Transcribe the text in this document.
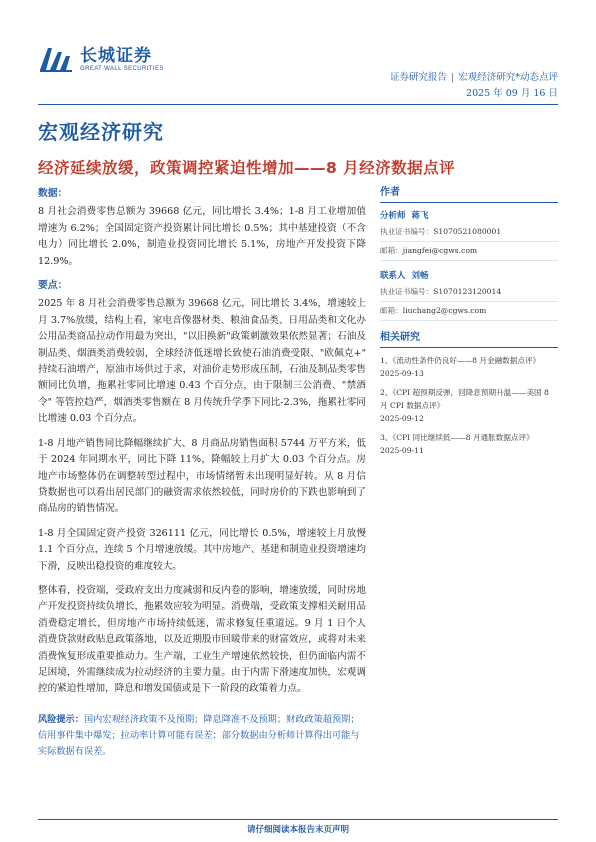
长城证券
GREAT WALL SECURITIES
证券研究报告 | 宏观经济研究*动态点评
2025 年 09 月 16 日
宏观经济研究
经济延续放缓，政策调控紧迫性增加——8 月经济数据点评
数据：

8 月社会消费零售总额为 39668 亿元，同比增长 3.4%；1-8 月工业增加值增速为 6.2%；全国固定资产投资累计同比增长 0.5%；其中基建投资（不含电力）同比增长 2.0%，制造业投资同比增长 5.1%，房地产开发投资下降 12.9%。

要点：

2025 年 8 月社会消费零售总额为 39668 亿元，同比增长 3.4%，增速较上月 3.7%放缓，结构上看，家电音像器材类、粮油食品类、日用品类和文化办公用品类商品拉动作用最为突出，"以旧换新"政策刺激效果依然显著；石油及制品类、烟酒类消费较弱，全球经济低迷增长致使石油消费受限、"欧佩克+" 持续石油增产，原油市场供过于求，对油价走势形成压制，石油及制品类零售额同比负增，拖累社零同比增速 0.43 个百分点，由于限制三公消费、"禁酒令" 等管控趋严，烟酒类零售额在 8 月传统升学季下同比-2.3%，拖累社零同比增速 0.03 个百分点。

1-8 月地产销售同比降幅继续扩大、8 月商品房销售面积 5744 万平方米，低于 2024 年同期水平，同比下降 11%，降幅较上月扩大 0.03 个百分点。房地产市场整体仍在调整转型过程中，市场情绪暂未出现明显好转。从 8 月信贷数据也可以看出居民部门的融资需求依然较低，同时房价的下跌也影响到了商品房的销售情况。

1-8 月全国固定资产投资 326111 亿元，同比增长 0.5%，增速较上月放慢 1.1 个百分点，连续 5 个月增速放缓。其中房地产、基建和制造业投资增速均下滑，反映出稳投资的难度较大。

整体看，投资端，受政府支出力度减弱和反内卷的影响，增速放缓，同时房地产开发投资持续负增长，拖累效应较为明显。消费端，受政策支撑相关耐用品消费稳定增长，但房地产市场持续低迷，需求修复任重道远。9 月 1 日个人消费贷款财政贴息政策落地，以及近期股市回暖带来的财富效应，或将对未来消费恢复形成重要推动力。生产端，工业生产增速依然较快，但仍面临内需不足困境，外需继续成为拉动经济的主要力量。由于内需下滑速度加快，宏观调控的紧迫性增加，降息和增发国债或是下一阶段的政策着力点。

风险提示：国内宏观经济政策不及预期；降息降准不及预期；财政政策超预期；信用事件集中爆发；拉动率计算可能有误差；部分数据由分析师计算得出可能与实际数据有误差。
作者
分析师 蒋飞
执业证书编号：S1070521080001
邮箱：jiangfei@cgws.com
联系人 刘畅
执业证书编号：S1070123120014
邮箱：liuchang2@cgws.com
相关研究
1、《流动性条件仍良好——8 月金融数据点评》
2025-09-13
2、《CPI 超预期反弹，回降息预期升温——美国 8 月 CPI 数据点评》
2025-09-12
3、《CPI 同比继续低——8 月通胀数据点评》
2025-09-11
请仔细阅读本报告末页声明
